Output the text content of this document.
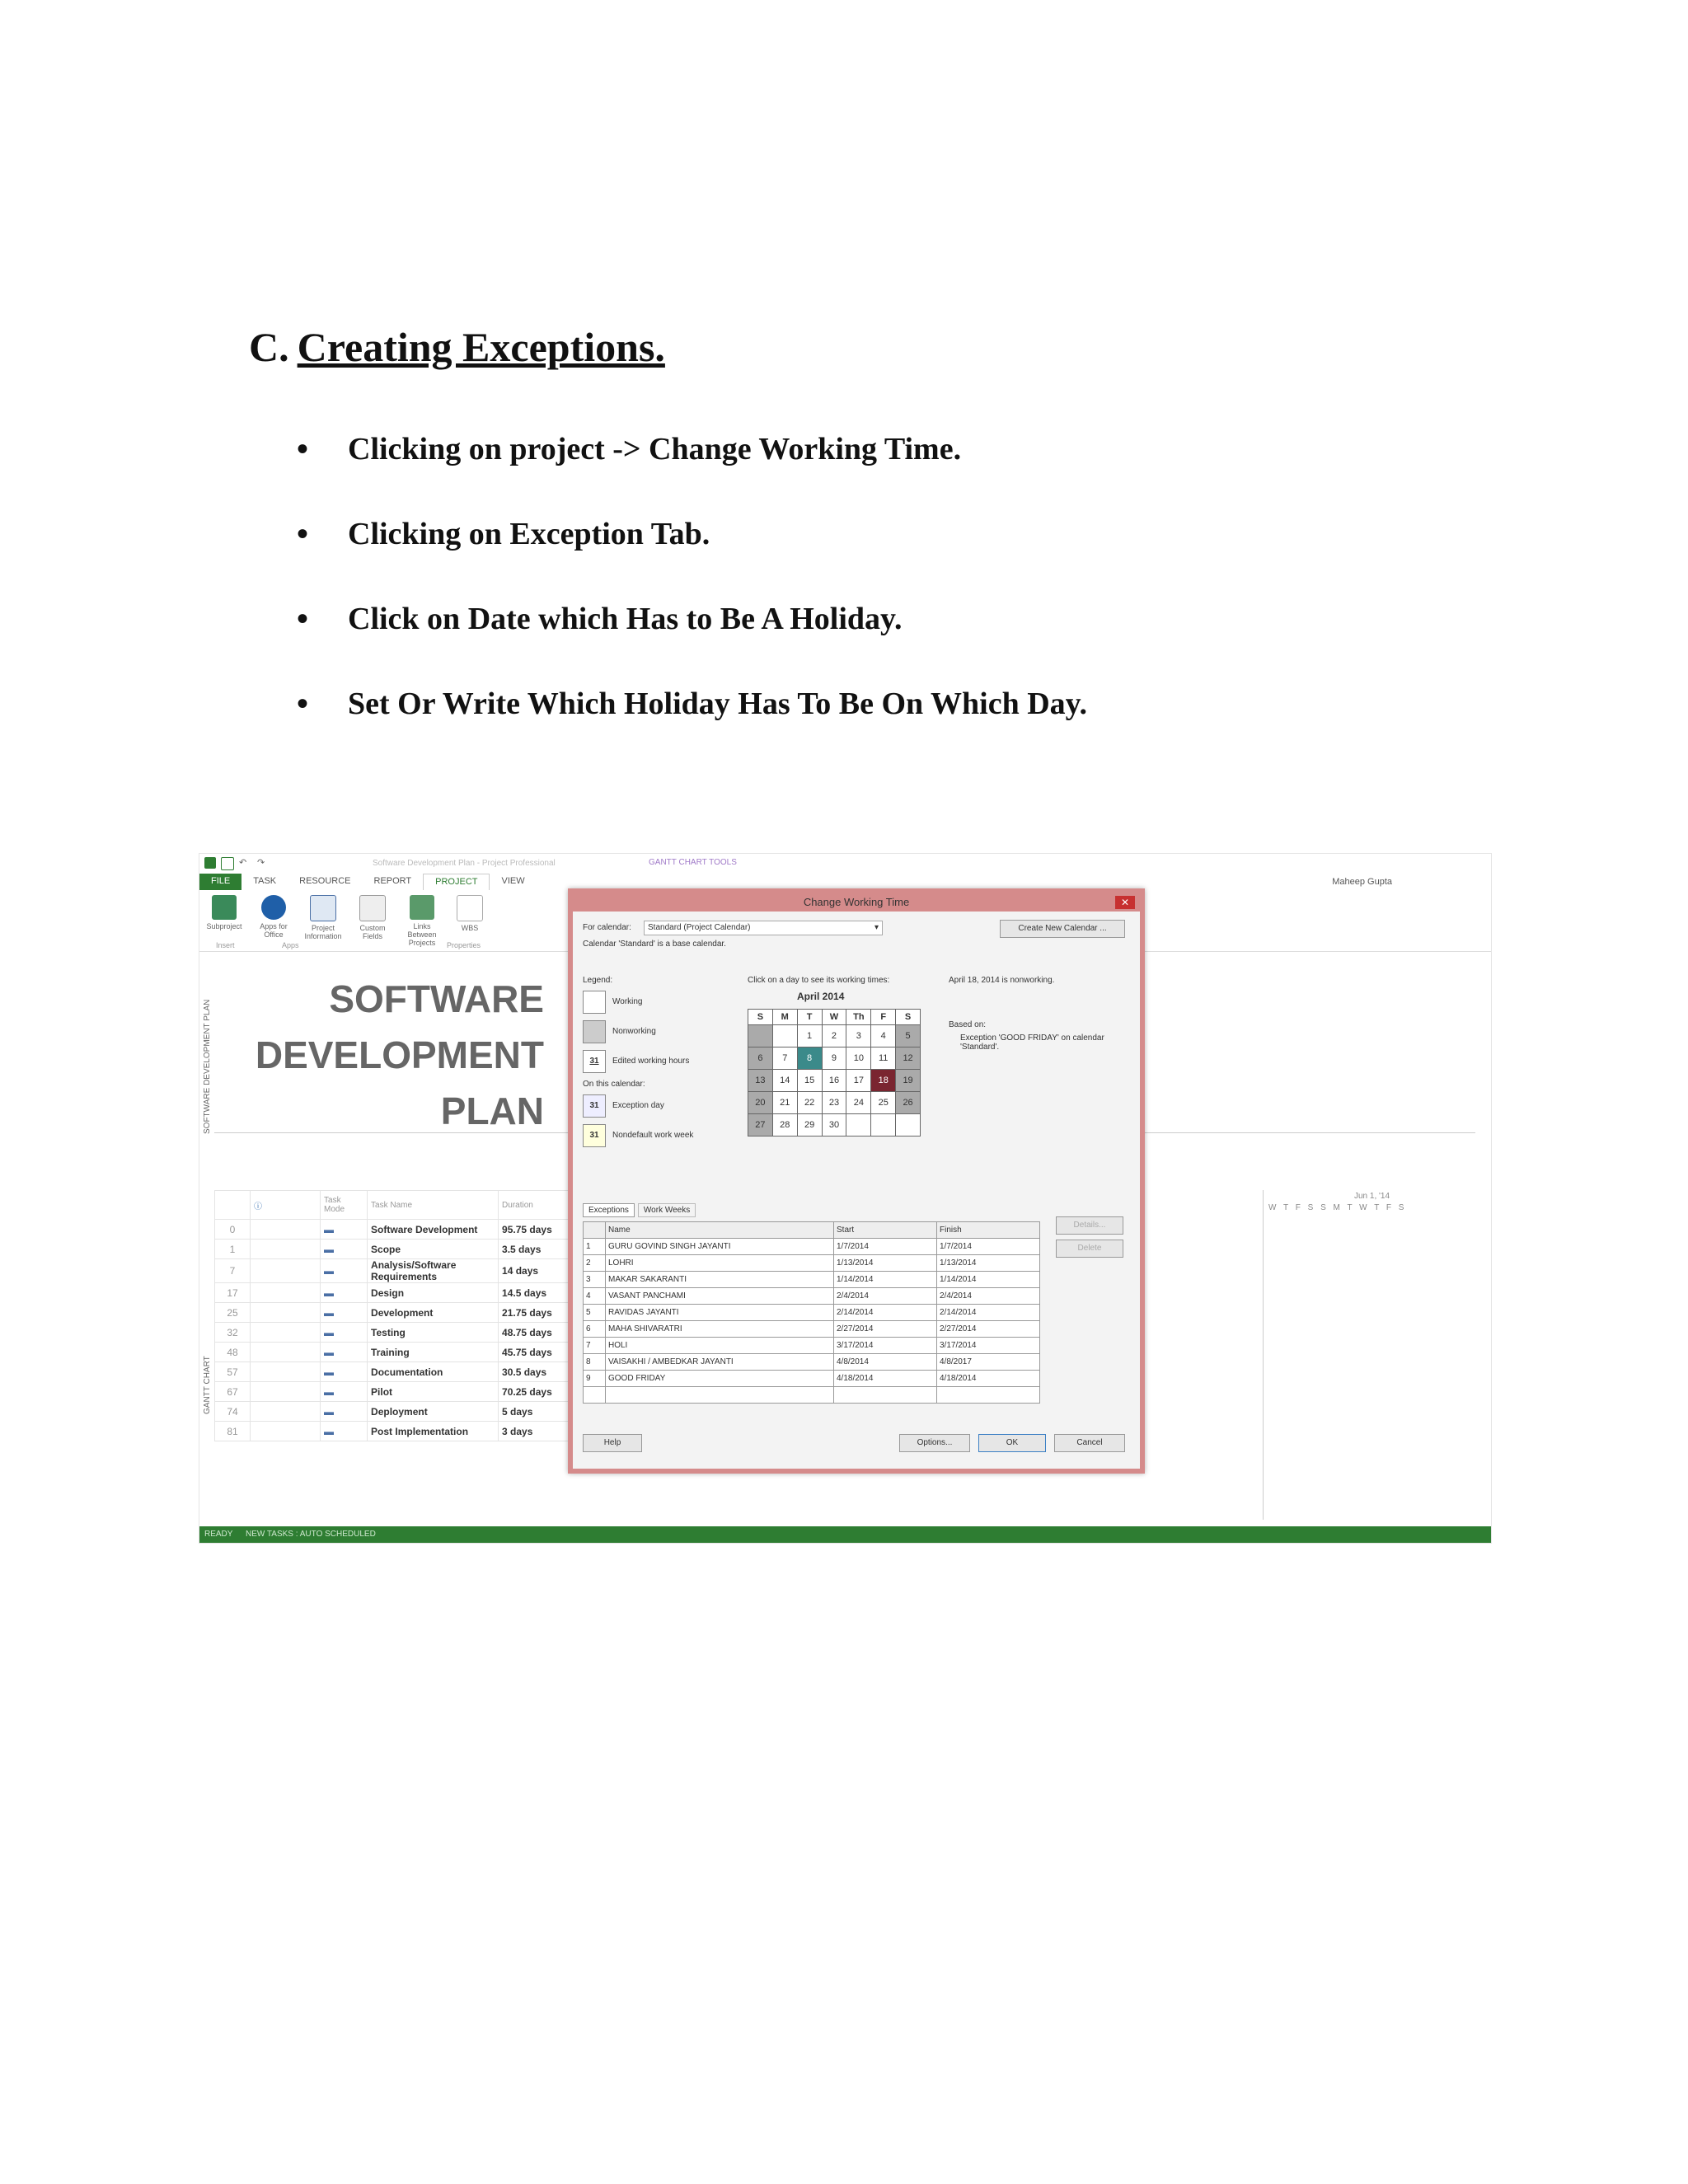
C. Creating Exceptions.
•	Clicking on project -> Change Working Time.
•	Clicking on Exception Tab.
•	Click on Date which Has to Be A Holiday.
•	Set Or Write Which Holiday Has To Be On Which Day.
↶	↷	Software Development Plan - Project Professional	GANTT CHART TOOLS
Maheep Gupta
FILE	TASK	RESOURCE	REPORT	PROJECT	VIEW
Subproject	Apps for Office
Project Information
Custom Fields
Links Between Projects
WBS
Insert	Apps	Properties
SOFTWARE DEVELOPMENT PLAN
SOFTWARE
DEVELOPMENT
PLAN
GANTT CHART
	ⓘ	Task Mode	Task Name	Duration		
0		▬	Software Development	95.75 days		
1		▬	Scope	3.5 days		
7		▬	Analysis/Software Requirements	14 days		
17		▬	Design	14.5 days		
25		▬	Development	21.75 days		
32		▬	Testing	48.75 days		
48		▬	Training	45.75 days		
57		▬	Documentation	30.5 days		
67		▬	Pilot	70.25 days		
74		▬	Deployment	5 days		
81		▬	Post Implementation	3 days		
Jun 1, '14
W T F S S M T W T F S
READY NEW TASKS : AUTO SCHEDULED
Change Working Time	✕
For calendar:	Standard (Project Calendar)	▾	Create New Calendar ...
Calendar 'Standard' is a base calendar.
Legend:
Working
Nonworking
31	Edited working hours
On this calendar:
31	Exception day
31	Nondefault work week
Click on a day to see its working times:
April 2014
S	M	T	W	Th	F	S
		1	2	3	4	5
6	7	8	9	10	11	12
13	14	15	16	17	18	19
20	21	22	23	24	25	26
27	28	29	30			
April 18, 2014 is nonworking.
Based on:
Exception 'GOOD FRIDAY' on calendar 'Standard'.
Exceptions	Work Weeks
	Name	Start	Finish
1	GURU GOVIND SINGH JAYANTI	1/7/2014	1/7/2014
2	LOHRI	1/13/2014	1/13/2014
3	MAKAR SAKARANTI	1/14/2014	1/14/2014
4	VASANT PANCHAMI	2/4/2014	2/4/2014
5	RAVIDAS JAYANTI	2/14/2014	2/14/2014
6	MAHA SHIVARATRI	2/27/2014	2/27/2014
7	HOLI	3/17/2014	3/17/2014
8	VAISAKHI / AMBEDKAR JAYANTI	4/8/2014	4/8/2017
9	GOOD FRIDAY	4/18/2014	4/18/2014

Details...
Delete
Help	Options...	OK	Cancel
